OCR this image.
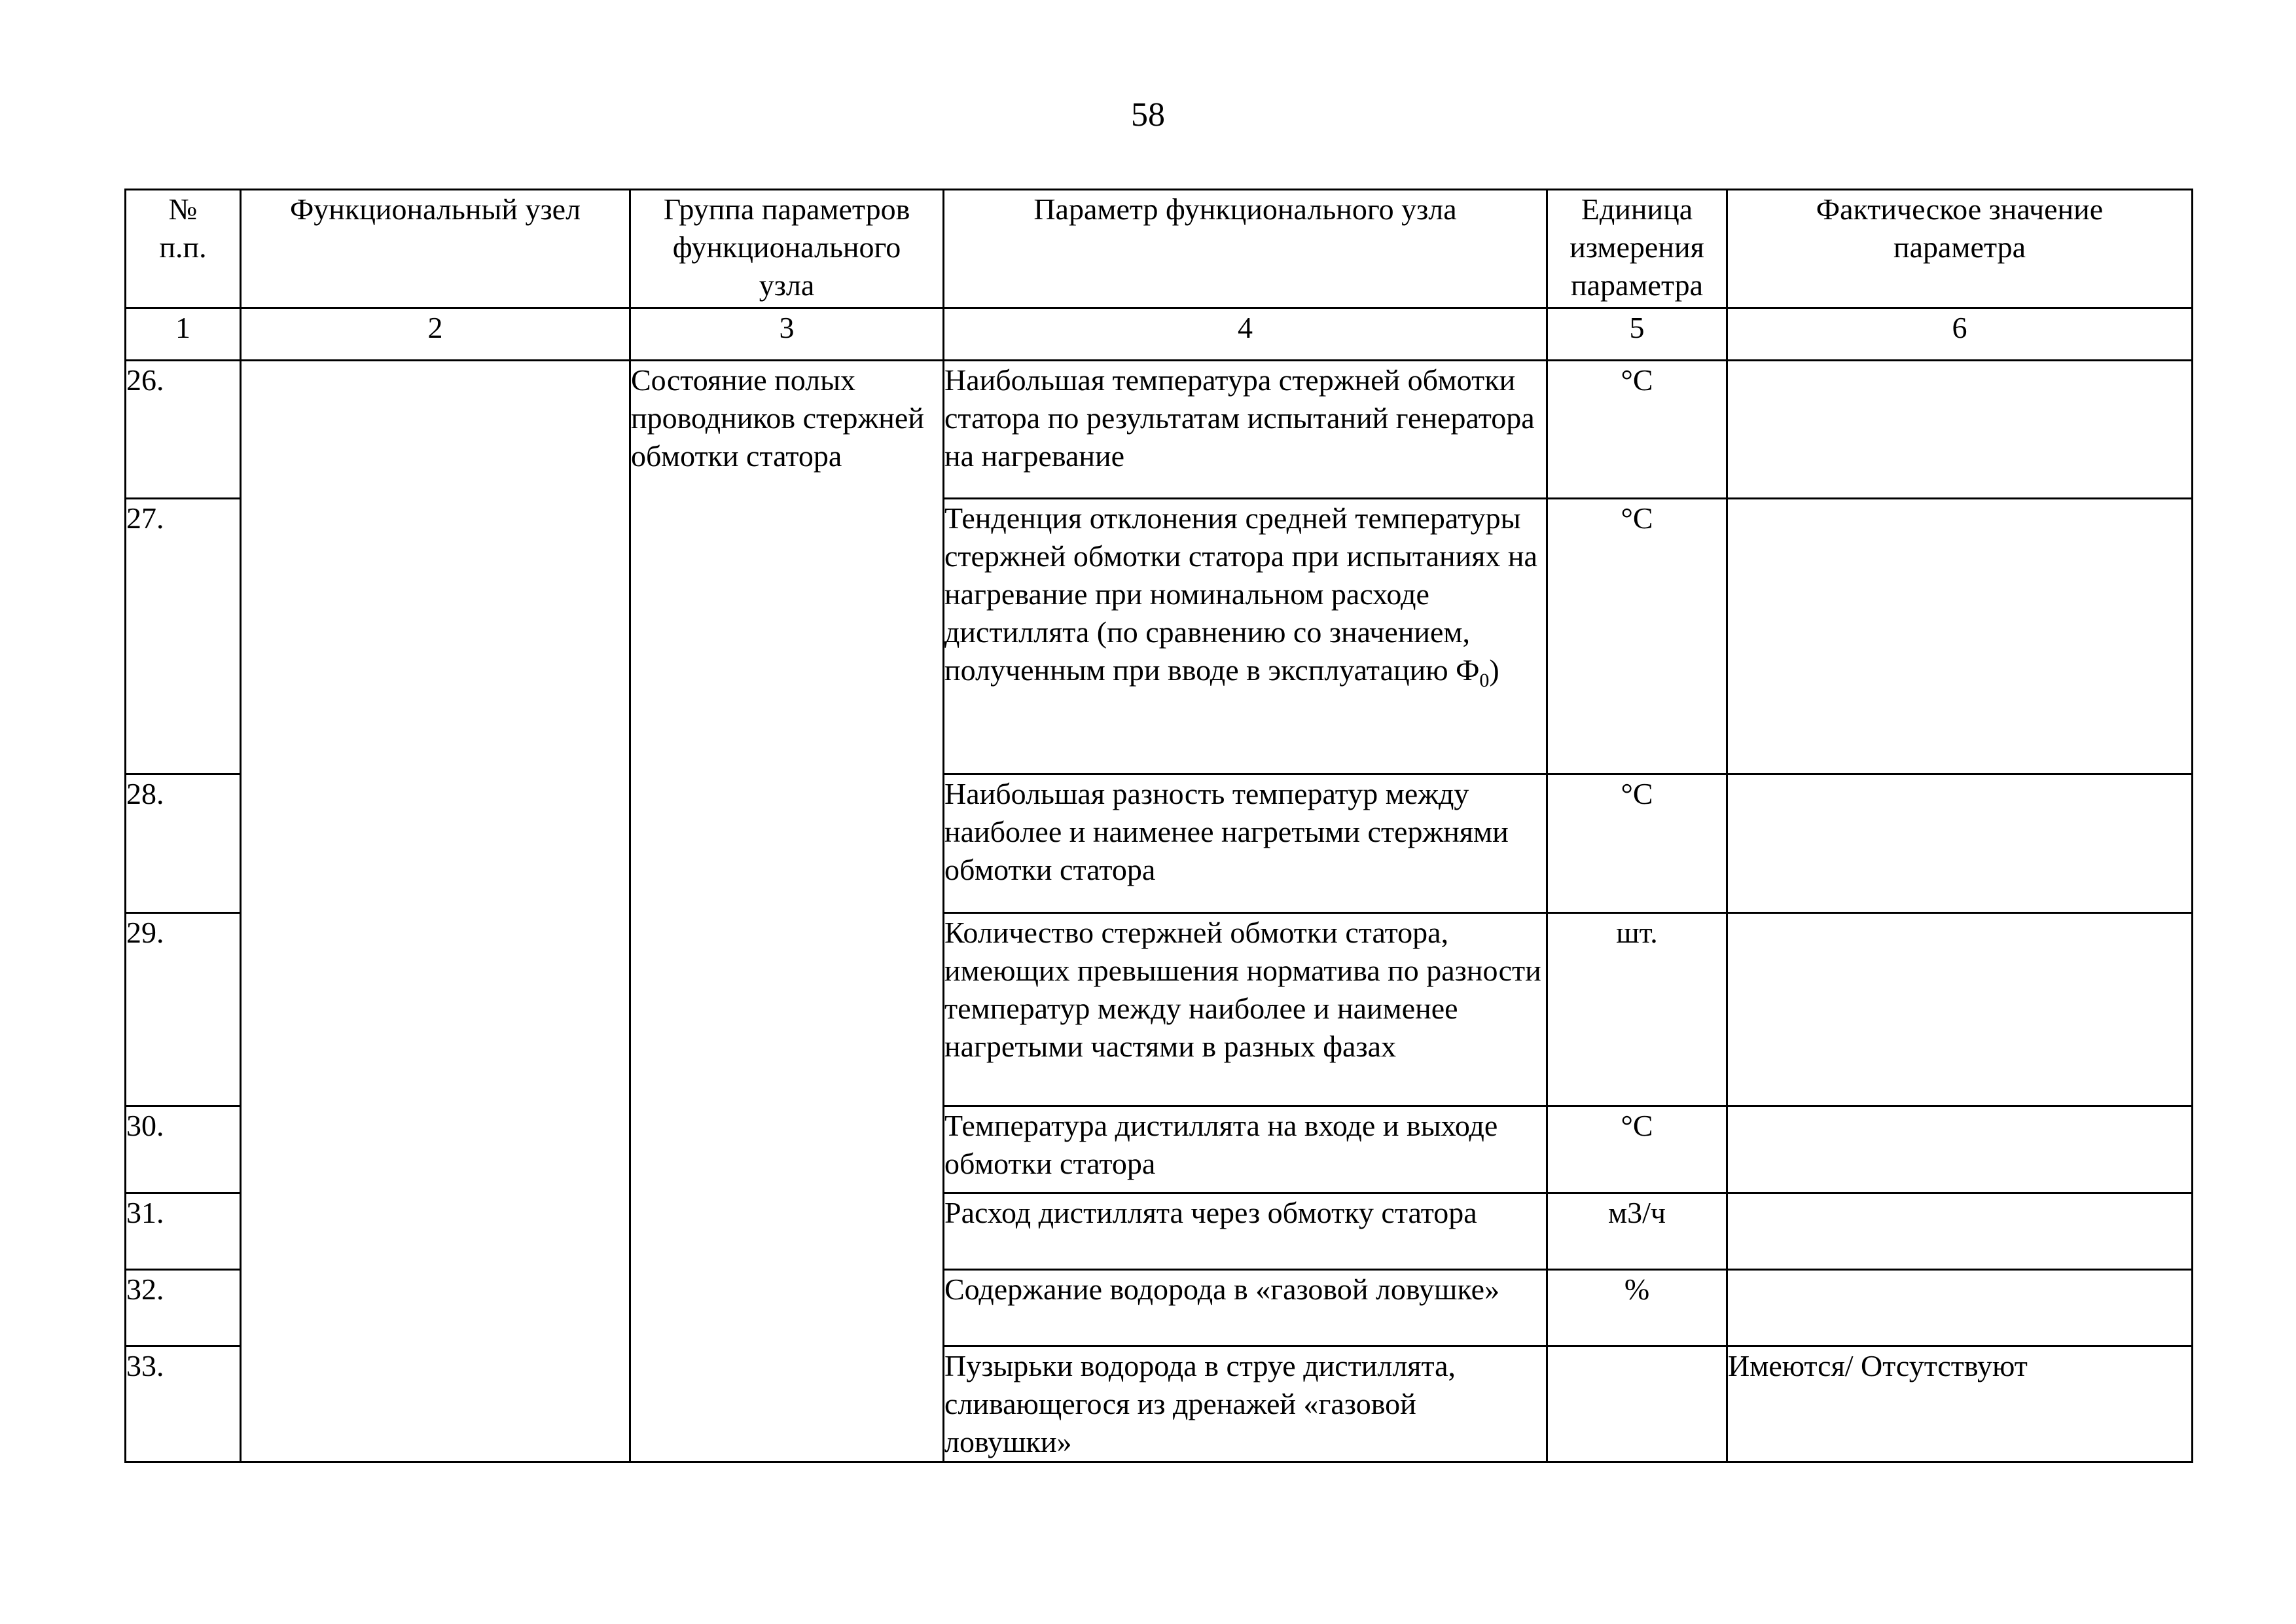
58
№ п.п.	Функциональный узел	Группа параметров функционального узла	Параметр функционального узла	Единица измерения параметра	Фактическое значение параметра
1	2	3	4	5	6
26.		Состояние полых проводников стержней обмотки статора	Наибольшая температура стержней обмотки статора по результатам испытаний генератора на нагревание	°С	
27.			Тенденция отклонения средней температуры стержней обмотки статора при испытаниях на нагревание при номинальном расходе дистиллята (по сравнению со значением, полученным при вводе в эксплуатацию $Ф_0$)	°С	
28.			Наибольшая разность температур между наиболее и наименее нагретыми стержнями обмотки статора	°С	
29.			Количество стержней обмотки статора, имеющих превышения норматива по разности температур между наиболее и наименее нагретыми частями в разных фазах	шт.	
30.			Температура дистиллята на входе и выходе обмотки статора	°С	
31.			Расход дистиллята через обмотку статора	м3/ч	
32.			Содержание водорода в «газовой ловушке»	%	
33.			Пузырьки водорода в струе дистиллята, сливающегося из дренажей «газовой ловушки»		Имеются/ Отсутствуют
